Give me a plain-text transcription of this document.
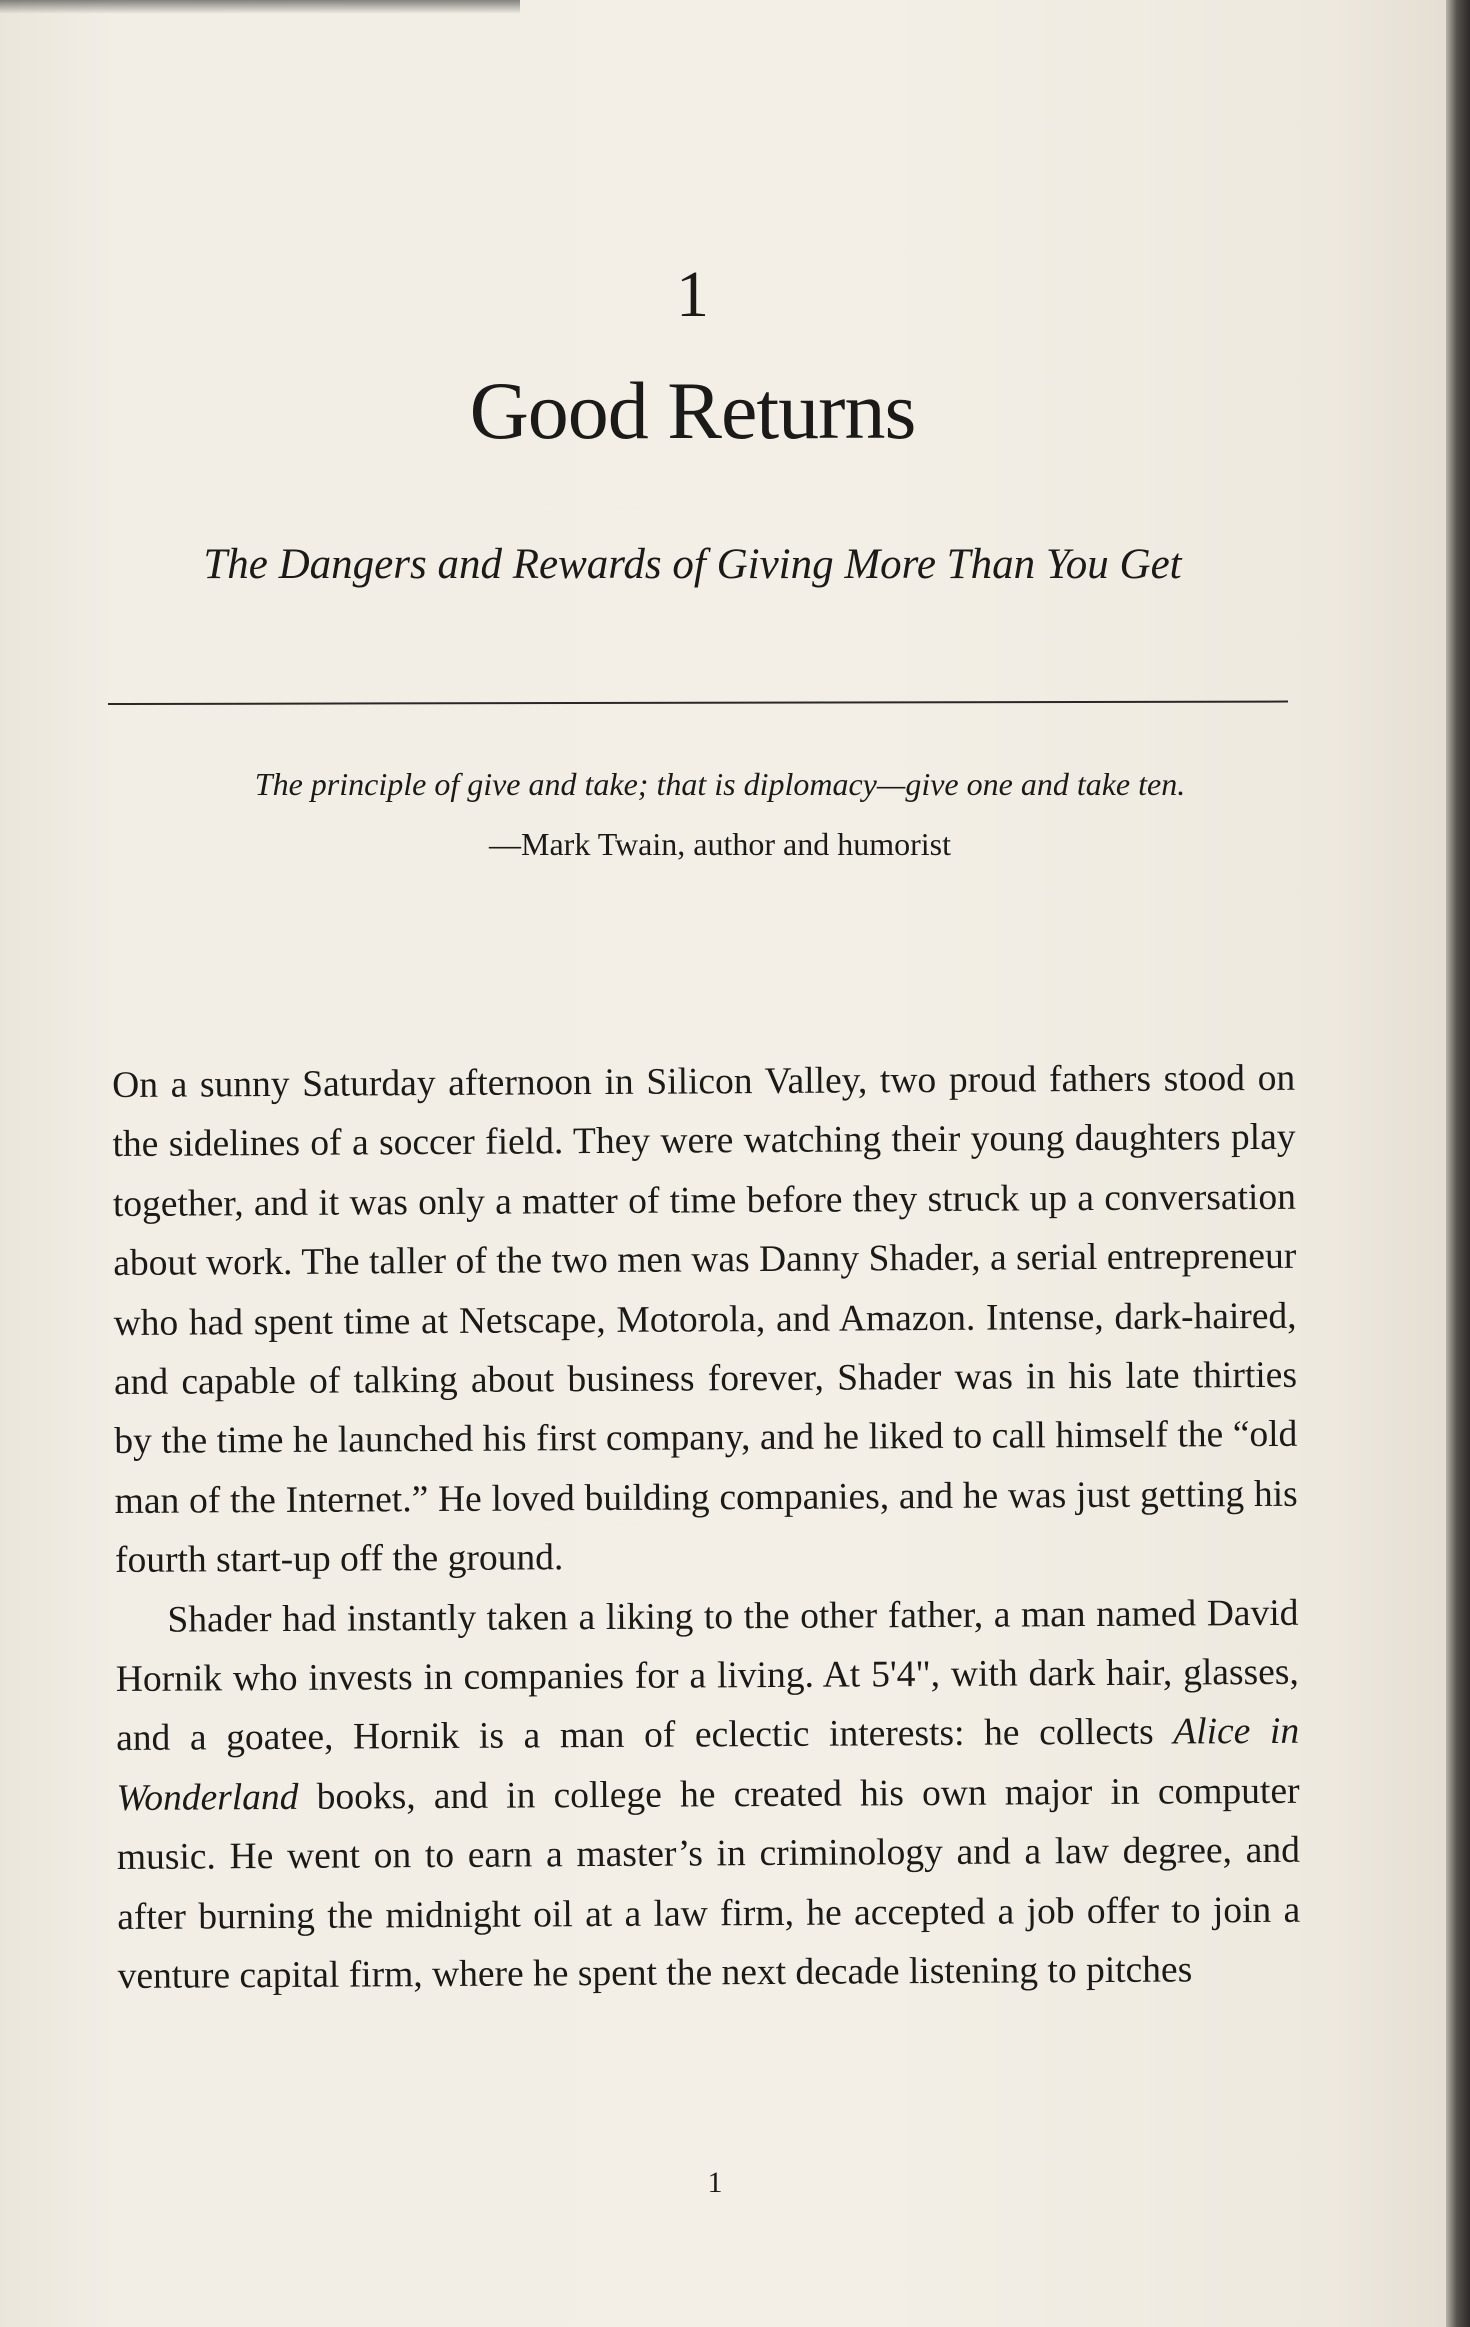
1
Good Returns
The Dangers and Rewards of Giving More Than You Get
The principle of give and take; that is diplomacy—give one and take ten.
—Mark Twain, author and humorist

On a sunny Saturday afternoon in Silicon Valley, two proud fathers stood on the sidelines of a soccer field. They were watching their young daughters play together, and it was only a matter of time before they struck up a conversation about work. The taller of the two men was Danny Shader, a serial entrepreneur who had spent time at Netscape, Motorola, and Amazon. Intense, dark-haired, and capable of talking about business forever, Shader was in his late thirties by the time he launched his first company, and he liked to call himself the “old man of the Internet.” He loved building companies, and he was just getting his fourth start-up off the ground.

Shader had instantly taken a liking to the other father, a man named David Hornik who invests in companies for a living. At 5'4", with dark hair, glasses, and a goatee, Hornik is a man of eclectic interests: he collects Alice in Wonderland books, and in college he created his own major in computer music. He went on to earn a master’s in criminology and a law degree, and after burning the midnight oil at a law firm, he accepted a job offer to join a venture capital firm, where he spent the next decade listening to pitches

1
